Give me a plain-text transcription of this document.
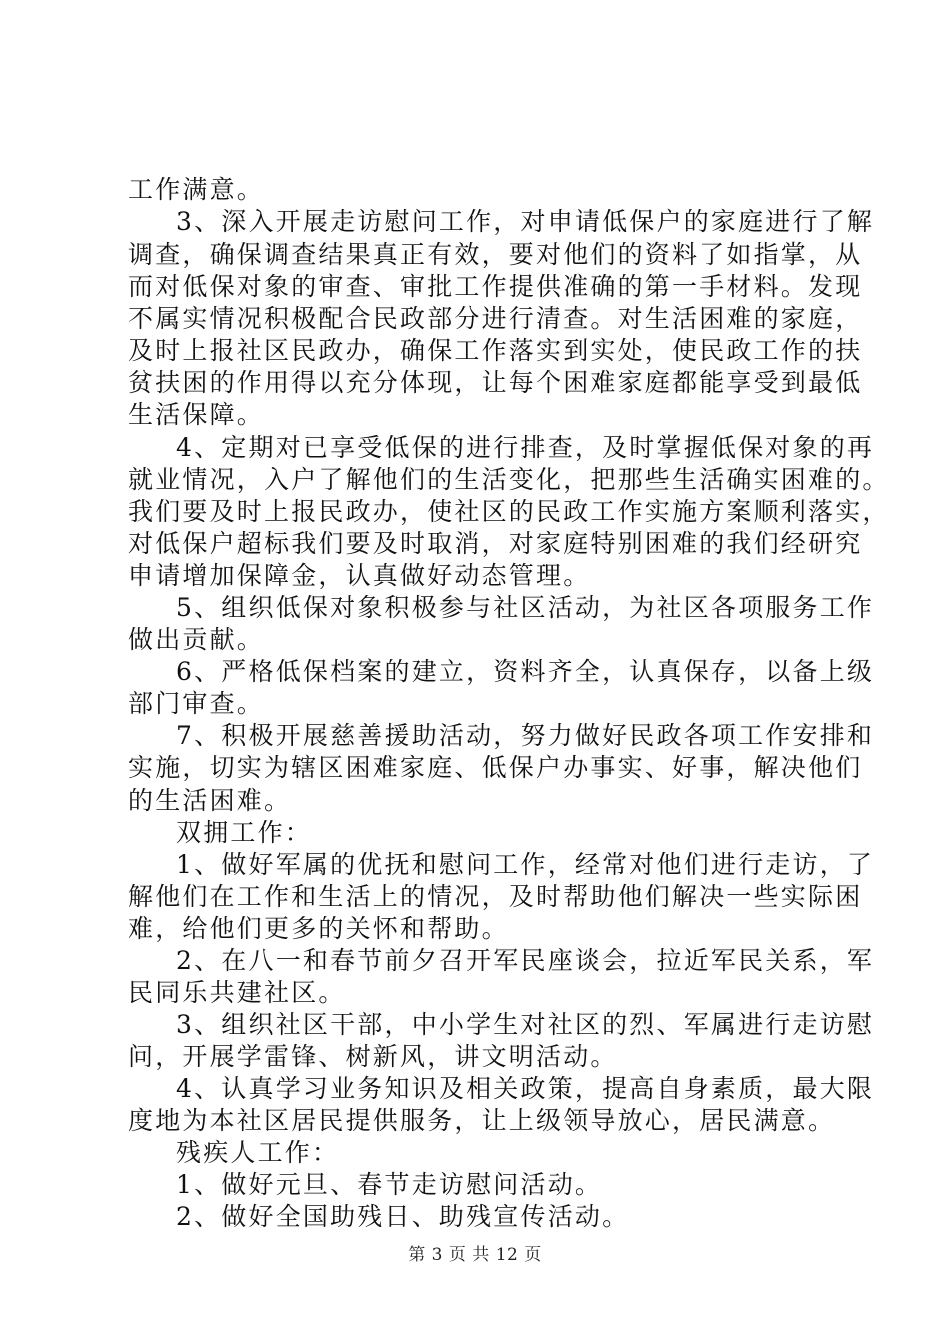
工作满意。
3、深入开展走访慰问工作，对申请低保户的家庭进行了解
调查，确保调查结果真正有效，要对他们的资料了如指掌，从
而对低保对象的审查、审批工作提供准确的第一手材料。发现
不属实情况积极配合民政部分进行清查。对生活困难的家庭，
及时上报社区民政办，确保工作落实到实处，使民政工作的扶
贫扶困的作用得以充分体现，让每个困难家庭都能享受到最低
生活保障。
4、定期对已享受低保的进行排查，及时掌握低保对象的再
就业情况，入户了解他们的生活变化，把那些生活确实困难的。
我们要及时上报民政办，使社区的民政工作实施方案顺利落实，
对低保户超标我们要及时取消，对家庭特别困难的我们经研究
申请增加保障金，认真做好动态管理。
5、组织低保对象积极参与社区活动，为社区各项服务工作
做出贡献。
6、严格低保档案的建立，资料齐全，认真保存，以备上级
部门审查。
7、积极开展慈善援助活动，努力做好民政各项工作安排和
实施，切实为辖区困难家庭、低保户办事实、好事，解决他们
的生活困难。
双拥工作：
1、做好军属的优抚和慰问工作，经常对他们进行走访，了
解他们在工作和生活上的情况，及时帮助他们解决一些实际困
难，给他们更多的关怀和帮助。
2、在八一和春节前夕召开军民座谈会，拉近军民关系，军
民同乐共建社区。
3、组织社区干部，中小学生对社区的烈、军属进行走访慰
问，开展学雷锋、树新风，讲文明活动。
4、认真学习业务知识及相关政策，提高自身素质，最大限
度地为本社区居民提供服务，让上级领导放心，居民满意。
残疾人工作：
1、做好元旦、春节走访慰问活动。
2、做好全国助残日、助残宣传活动。
第 3 页 共 12 页
